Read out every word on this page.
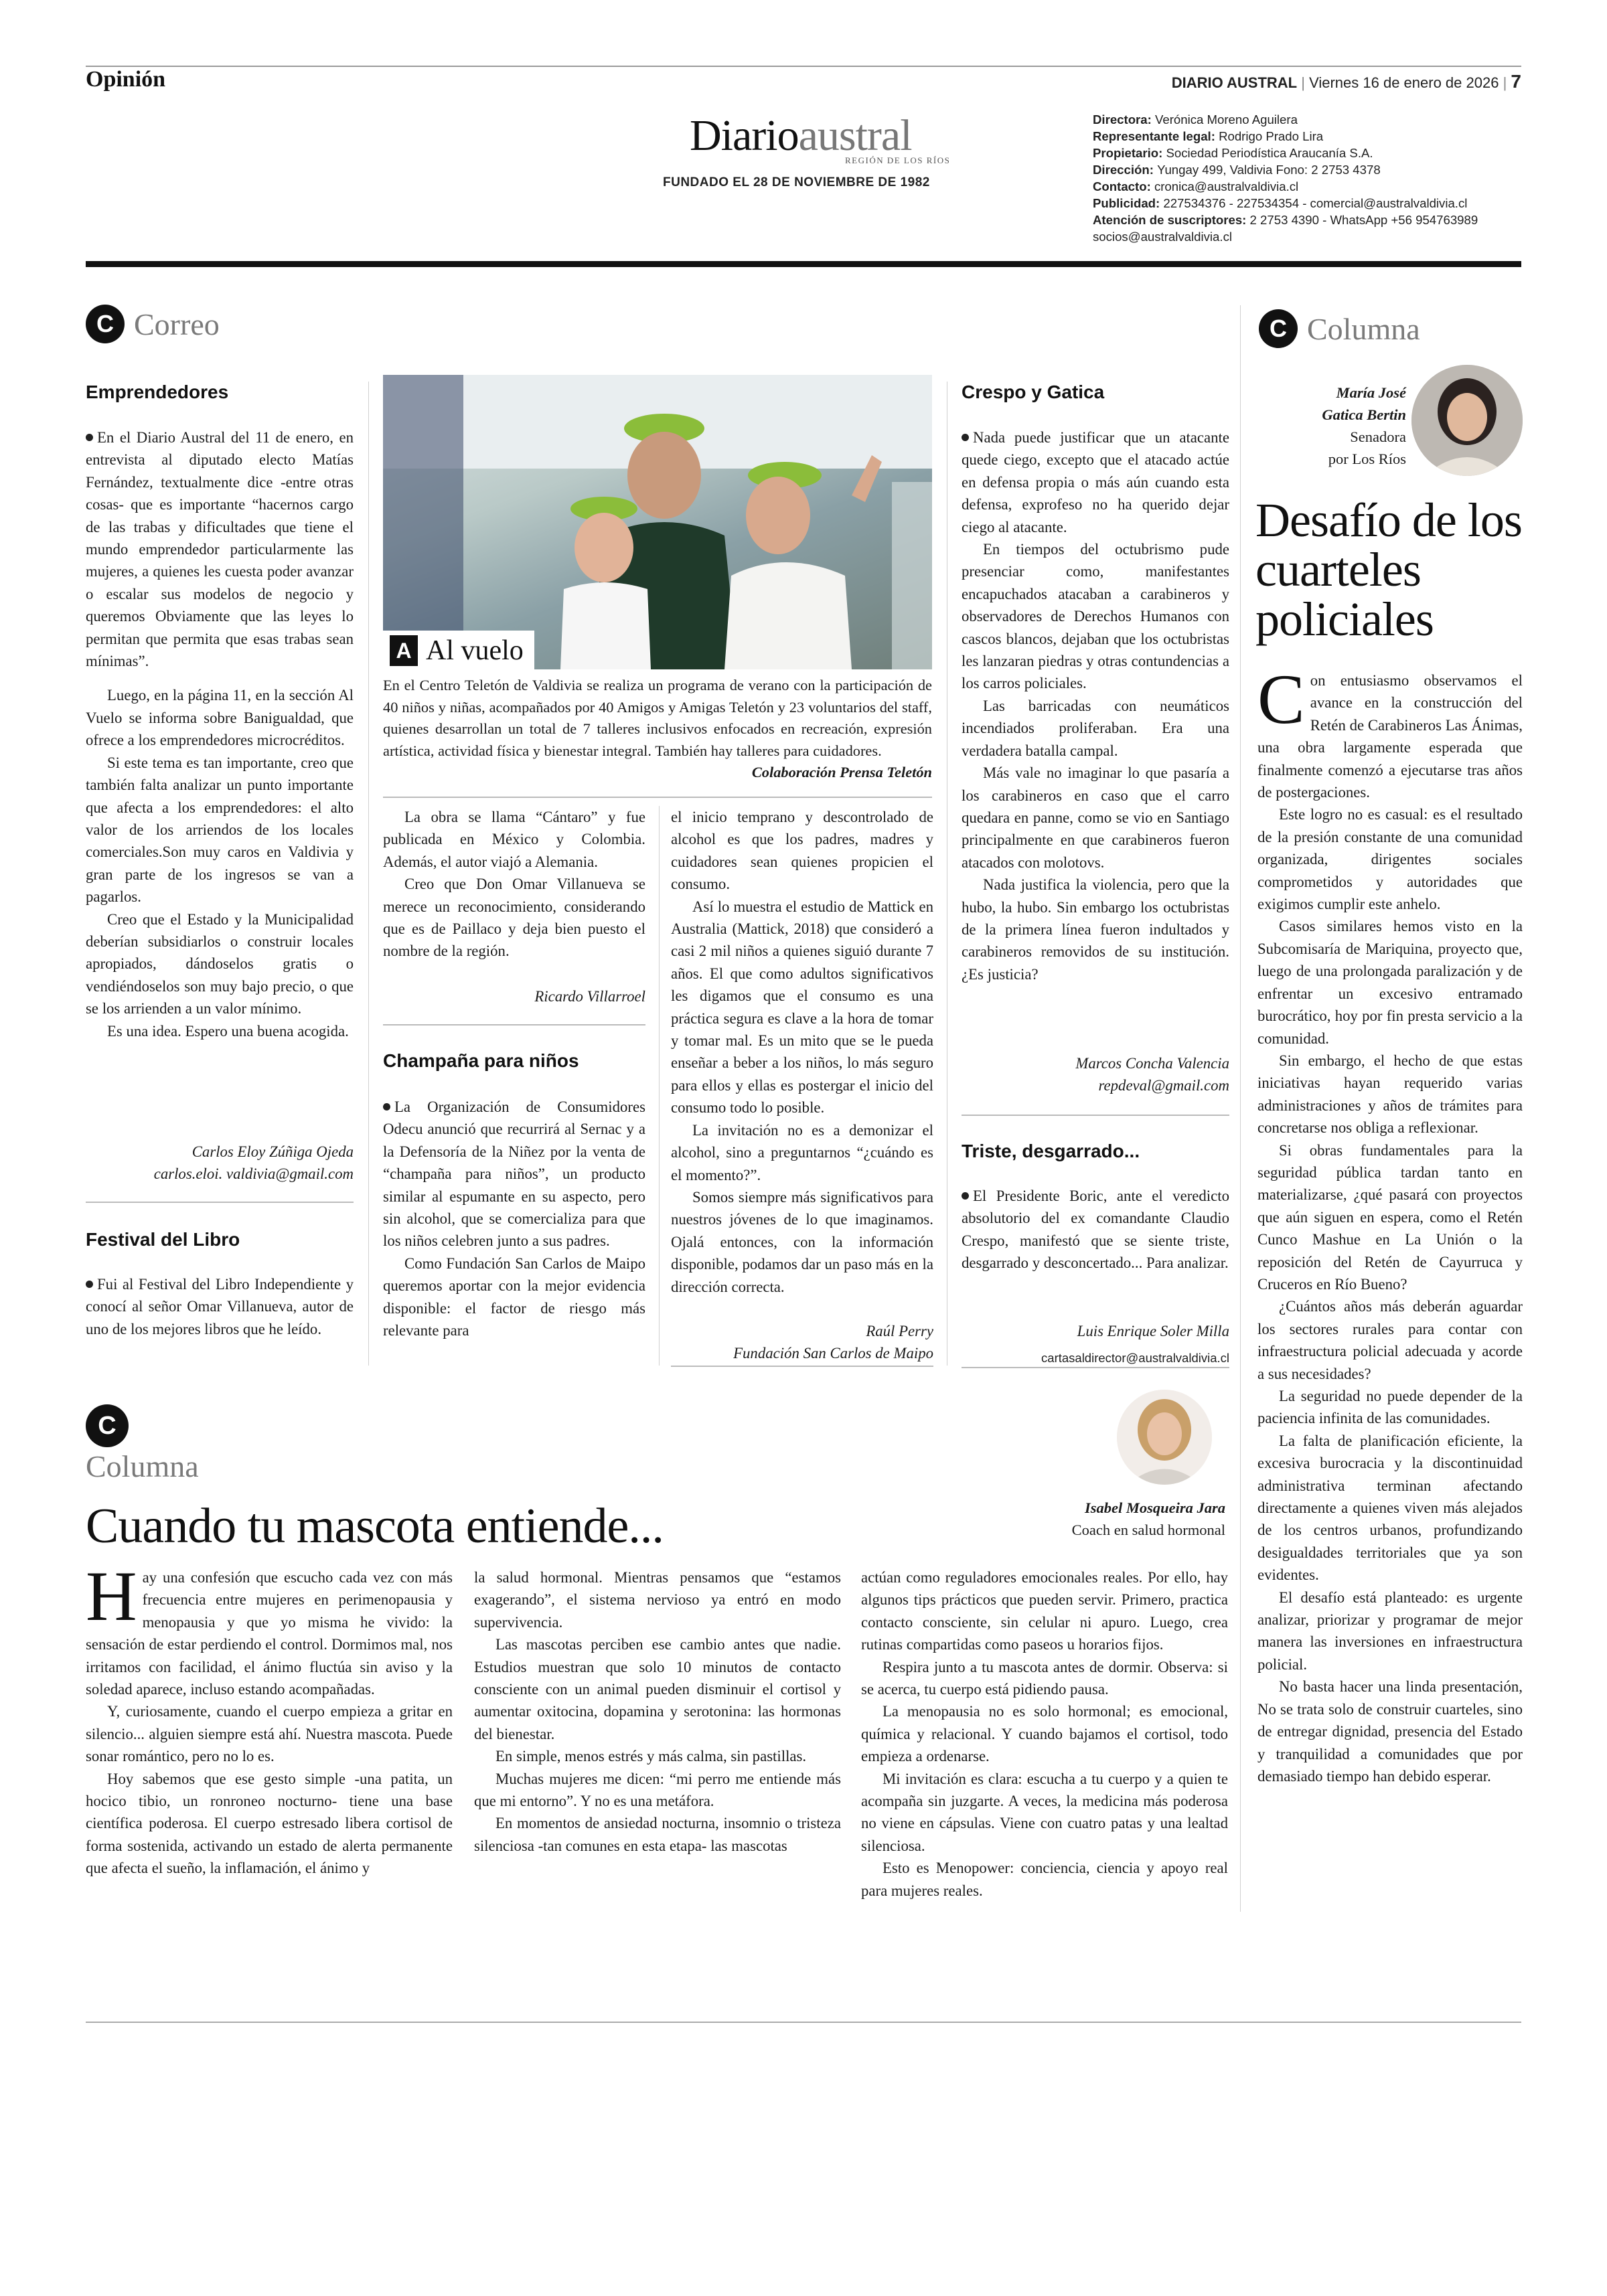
Opinión	DIARIO AUSTRAL | Viernes 16 de enero de 2026 | 7
Diarioaustral
REGIÓN DE LOS RÍOS
FUNDADO EL 28 DE NOVIEMBRE DE 1982
Directora: Verónica Moreno Aguilera
Representante legal: Rodrigo Prado Lira
Propietario: Sociedad Periodística Araucanía S.A.
Dirección: Yungay 499, Valdivia Fono: 2 2753 4378
Contacto: cronica@australvaldivia.cl
Publicidad: 227534376 - 227534354 - comercial@australvaldivia.cl
Atención de suscriptores: 2 2753 4390 - WhatsApp +56 954763989
socios@australvaldivia.cl
C Correo
Emprendedores

En el Diario Austral del 11 de enero, en entrevista al diputado electo Matías Fernández, textualmente dice -entre otras cosas- que es importante “hacernos cargo de las trabas y dificultades que tiene el mundo emprendedor particularmente las mujeres, a quienes les cuesta poder avanzar o escalar sus modelos de negocio y queremos Obviamente que las leyes lo permitan que permita que esas trabas sean mínimas”.

Luego, en la página 11, en la sección Al Vuelo se informa sobre Banigualdad, que ofrece a los emprendedores microcréditos.

Si este tema es tan importante, creo que también falta analizar un punto importante que afecta a los emprendedores: el alto valor de los arriendos de los locales comerciales.Son muy caros en Valdivia y gran parte de los ingresos se van a pagarlos.

Creo que el Estado y la Municipalidad deberían subsidiarlos o construir locales apropiados, dándoselos gratis o vendiéndoselos son muy bajo precio, o que se los arrienden a un valor mínimo.

Es una idea. Espero una buena acogida.

Carlos Eloy Zúñiga Ojeda
carlos.eloi. valdivia@gmail.com
Festival del Libro

Fui al Festival del Libro Independiente y conocí al señor Omar Villanueva, autor de uno de los mejores libros que he leído.

A Al vuelo
En el Centro Teletón de Valdivia se realiza un programa de verano con la participación de 40 niños y niñas, acompañados por 40 Amigos y Amigas Teletón y 23 voluntarios del staff, quienes desarrollan un total de 7 talleres inclusivos enfocados en recreación, expresión artística, actividad física y bienestar integral. También hay talleres para cuidadores.
Colaboración Prensa Teletón

La obra se llama “Cántaro” y fue publicada en México y Colombia. Además, el autor viajó a Alemania.

Creo que Don Omar Villanueva se merece un reconocimiento, considerando que es de Paillaco y deja bien puesto el nombre de la región.

Ricardo Villarroel
Champaña para niños

La Organización de Consumidores Odecu anunció que recurrirá al Sernac y a la Defensoría de la Niñez por la venta de “champaña para niños”, un producto similar al espumante en su aspecto, pero sin alcohol, que se comercializa para que los niños celebren junto a sus padres.

Como Fundación San Carlos de Maipo queremos aportar con la mejor evidencia disponible: el factor de riesgo más relevante para

el inicio temprano y descontrolado de alcohol es que los padres, madres y cuidadores sean quienes propicien el consumo.

Así lo muestra el estudio de Mattick en Australia (Mattick, 2018) que consideró a casi 2 mil niños a quienes siguió durante 7 años. El que como adultos significativos les digamos que el consumo es una práctica segura es clave a la hora de tomar y tomar mal. Es un mito que se le pueda enseñar a beber a los niños, lo más seguro para ellos y ellas es postergar el inicio del consumo todo lo posible.

La invitación no es a demonizar el alcohol, sino a preguntarnos “¿cuándo es el momento?”.

Somos siempre más significativos para nuestros jóvenes de lo que imaginamos. Ojalá entonces, con la información disponible, podamos dar un paso más en la dirección correcta.

Raúl Perry
Fundación San Carlos de Maipo
Crespo y Gatica

Nada puede justificar que un atacante quede ciego, excepto que el atacado actúe en defensa propia o más aún cuando esta defensa, exprofeso no ha querido dejar ciego al atacante.

En tiempos del octubrismo pude presenciar como, manifestantes encapuchados atacaban a carabineros y observadores de Derechos Humanos con cascos blancos, dejaban que los octubristas les lanzaran piedras y otras contundencias a los carros policiales.

Las barricadas con neumáticos incendiados proliferaban. Era una verdadera batalla campal.

Más vale no imaginar lo que pasaría a los carabineros en caso que el carro quedara en panne, como se vio en Santiago principalmente en que carabineros fueron atacados con molotovs.

Nada justifica la violencia, pero que la hubo, la hubo. Sin embargo los octubristas de la primera línea fueron indultados y carabineros removidos de su institución. ¿Es justicia?

Marcos Concha Valencia
repdeval@gmail.com
Triste, desgarrado...

El Presidente Boric, ante el veredicto absolutorio del ex comandante Claudio Crespo, manifestó que se siente triste, desgarrado y desconcertado... Para analizar.

Luis Enrique Soler Milla
cartasaldirector@australvaldivia.cl
C Columna
María José
Gatica Bertin
Senadora
por Los Ríos
Desafío de los cuarteles policiales

Con entusiasmo observamos el avance en la construcción del Retén de Carabineros Las Ánimas, una obra largamente esperada que finalmente comenzó a ejecutarse tras años de postergaciones.

Este logro no es casual: es el resultado de la presión constante de una comunidad organizada, dirigentes sociales comprometidos y autoridades que exigimos cumplir este anhelo.

Casos similares hemos visto en la Subcomisaría de Mariquina, proyecto que, luego de una prolongada paralización y de enfrentar un excesivo entramado burocrático, hoy por fin presta servicio a la comunidad.

Sin embargo, el hecho de que estas iniciativas hayan requerido varias administraciones y años de trámites para concretarse nos obliga a reflexionar.

Si obras fundamentales para la seguridad pública tardan tanto en materializarse, ¿qué pasará con proyectos que aún siguen en espera, como el Retén Cunco Mashue en La Unión o la reposición del Retén de Cayurruca y Cruceros en Río Bueno?

¿Cuántos años más deberán aguardar los sectores rurales para contar con infraestructura policial adecuada y acorde a sus necesidades?

La seguridad no puede depender de la paciencia infinita de las comunidades.

La falta de planificación eficiente, la excesiva burocracia y la discontinuidad administrativa terminan afectando directamente a quienes viven más alejados de los centros urbanos, profundizando desigualdades territoriales que ya son evidentes.

El desafío está planteado: es urgente analizar, priorizar y programar de mejor manera las inversiones en infraestructura policial.

No basta hacer una linda presentación, No se trata solo de construir cuarteles, sino de entregar dignidad, presencia del Estado y tranquilidad a comunidades que por demasiado tiempo han debido esperar.

C
Columna
Cuando tu mascota entiende...	Isabel Mosqueira Jara
Coach en salud hormonal

Hay una confesión que escucho cada vez con más frecuencia entre mujeres en perimenopausia y menopausia y que yo misma he vivido: la sensación de estar perdiendo el control. Dormimos mal, nos irritamos con facilidad, el ánimo fluctúa sin aviso y la soledad aparece, incluso estando acompañadas.

Y, curiosamente, cuando el cuerpo empieza a gritar en silencio... alguien siempre está ahí. Nuestra mascota. Puede sonar romántico, pero no lo es.

Hoy sabemos que ese gesto simple -una patita, un hocico tibio, un ronroneo nocturno- tiene una base científica poderosa. El cuerpo estresado libera cortisol de forma sostenida, activando un estado de alerta permanente que afecta el sueño, la inflamación, el ánimo y

la salud hormonal. Mientras pensamos que “estamos exagerando”, el sistema nervioso ya entró en modo supervivencia.

Las mascotas perciben ese cambio antes que nadie. Estudios muestran que solo 10 minutos de contacto consciente con un animal pueden disminuir el cortisol y aumentar oxitocina, dopamina y serotonina: las hormonas del bienestar.

En simple, menos estrés y más calma, sin pastillas.

Muchas mujeres me dicen: “mi perro me entiende más que mi entorno”. Y no es una metáfora.

En momentos de ansiedad nocturna, insomnio o tristeza silenciosa -tan comunes en esta etapa- las mascotas

actúan como reguladores emocionales reales. Por ello, hay algunos tips prácticos que pueden servir. Primero, practica contacto consciente, sin celular ni apuro. Luego, crea rutinas compartidas como paseos u horarios fijos.

Respira junto a tu mascota antes de dormir. Observa: si se acerca, tu cuerpo está pidiendo pausa.

La menopausia no es solo hormonal; es emocional, química y relacional. Y cuando bajamos el cortisol, todo empieza a ordenarse.

Mi invitación es clara: escucha a tu cuerpo y a quien te acompaña sin juzgarte. A veces, la medicina más poderosa no viene en cápsulas. Viene con cuatro patas y una lealtad silenciosa.

Esto es Menopower: conciencia, ciencia y apoyo real para mujeres reales.
